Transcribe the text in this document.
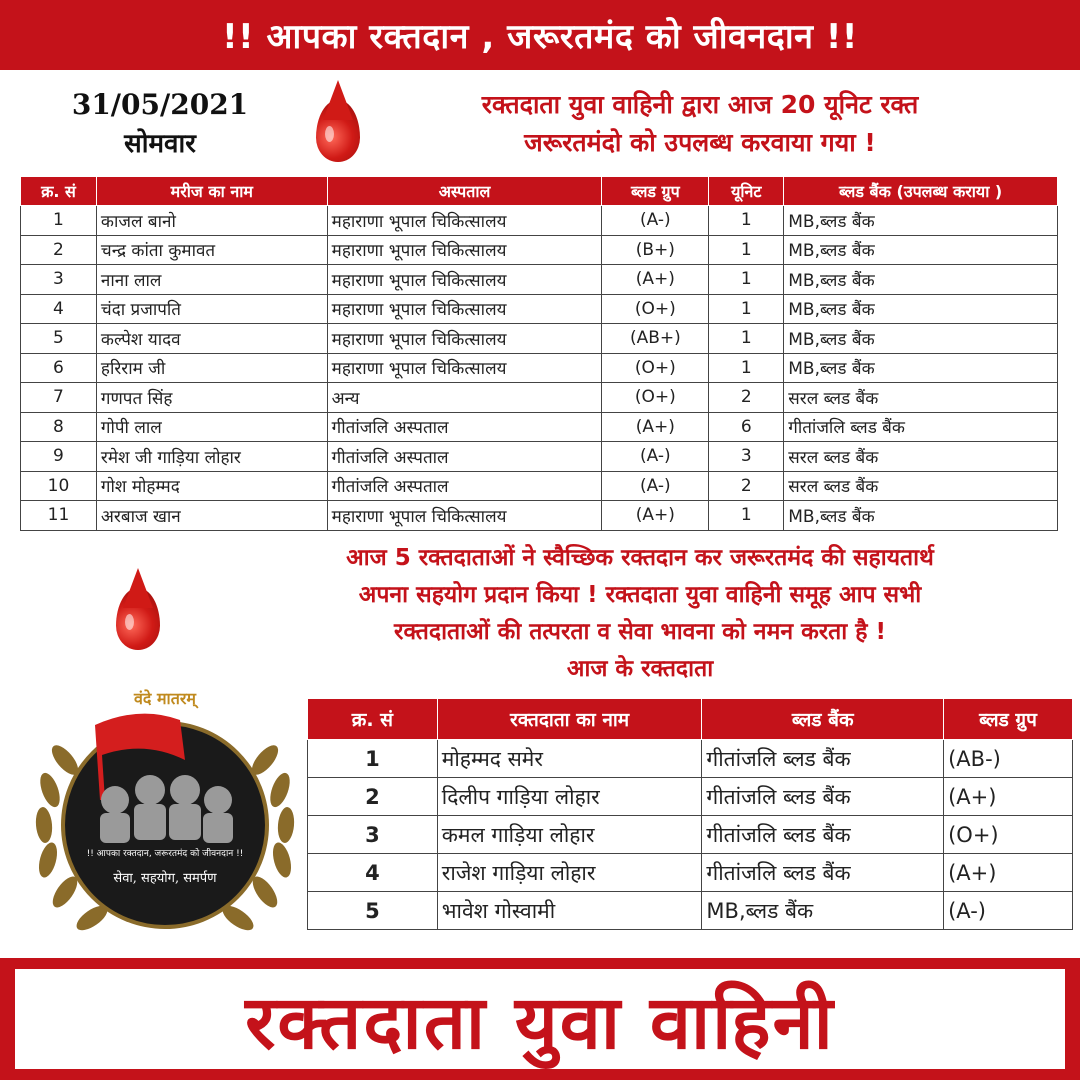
!! आपका रक्तदान , जरूरतमंद को जीवनदान !!
31/05/2021
सोमवार
रक्तदाता युवा वाहिनी द्वारा आज 20 यूनिट रक्त
जरूरतमंदो को उपलब्ध करवाया गया !
क्र. सं	मरीज का नाम	अस्पताल	ब्लड ग्रुप	यूनिट	ब्लड बैंक (उपलब्ध कराया )
1	काजल बानो	महाराणा भूपाल चिकित्सालय	(A-)	1	MB,ब्लड बैंक
2	चन्द्र कांता कुमावत	महाराणा भूपाल चिकित्सालय	(B+)	1	MB,ब्लड बैंक
3	नाना लाल	महाराणा भूपाल चिकित्सालय	(A+)	1	MB,ब्लड बैंक
4	चंदा प्रजापति	महाराणा भूपाल चिकित्सालय	(O+)	1	MB,ब्लड बैंक
5	कल्पेश यादव	महाराणा भूपाल चिकित्सालय	(AB+)	1	MB,ब्लड बैंक
6	हरिराम जी	महाराणा भूपाल चिकित्सालय	(O+)	1	MB,ब्लड बैंक
7	गणपत सिंह	अन्य	(O+)	2	सरल ब्लड बैंक
8	गोपी लाल	गीतांजलि अस्पताल	(A+)	6	गीतांजलि ब्लड बैंक
9	रमेश जी गाड़िया लोहार	गीतांजलि अस्पताल	(A-)	3	सरल ब्लड बैंक
10	गोश मोहम्मद	गीतांजलि अस्पताल	(A-)	2	सरल ब्लड बैंक
11	अरबाज खान	महाराणा भूपाल चिकित्सालय	(A+)	1	MB,ब्लड बैंक
आज 5 रक्तदाताओं ने स्वैच्छिक रक्तदान कर जरूरतमंद की सहायतार्थ
अपना सहयोग प्रदान किया ! रक्तदाता युवा वाहिनी समूह आप सभी
रक्तदाताओं की तत्परता व सेवा भावना को नमन करता है !
आज के रक्तदाता
क्र. सं	रक्तदाता का नाम	ब्लड बैंक	ब्लड ग्रुप
1	मोहम्मद समेर	गीतांजलि ब्लड बैंक	(AB-)
2	दिलीप गाड़िया लोहार	गीतांजलि ब्लड बैंक	(A+)
3	कमल गाड़िया लोहार	गीतांजलि ब्लड बैंक	(O+)
4	राजेश गाड़िया लोहार	गीतांजलि ब्लड बैंक	(A+)
5	भावेश गोस्वामी	MB,ब्लड बैंक	(A-)
वंदे मातरम्
!! आपका रक्तदान, जरूरतमंद को जीवनदान !!
सेवा, सहयोग, समर्पण
रक्तदाता युवा वाहिनी
